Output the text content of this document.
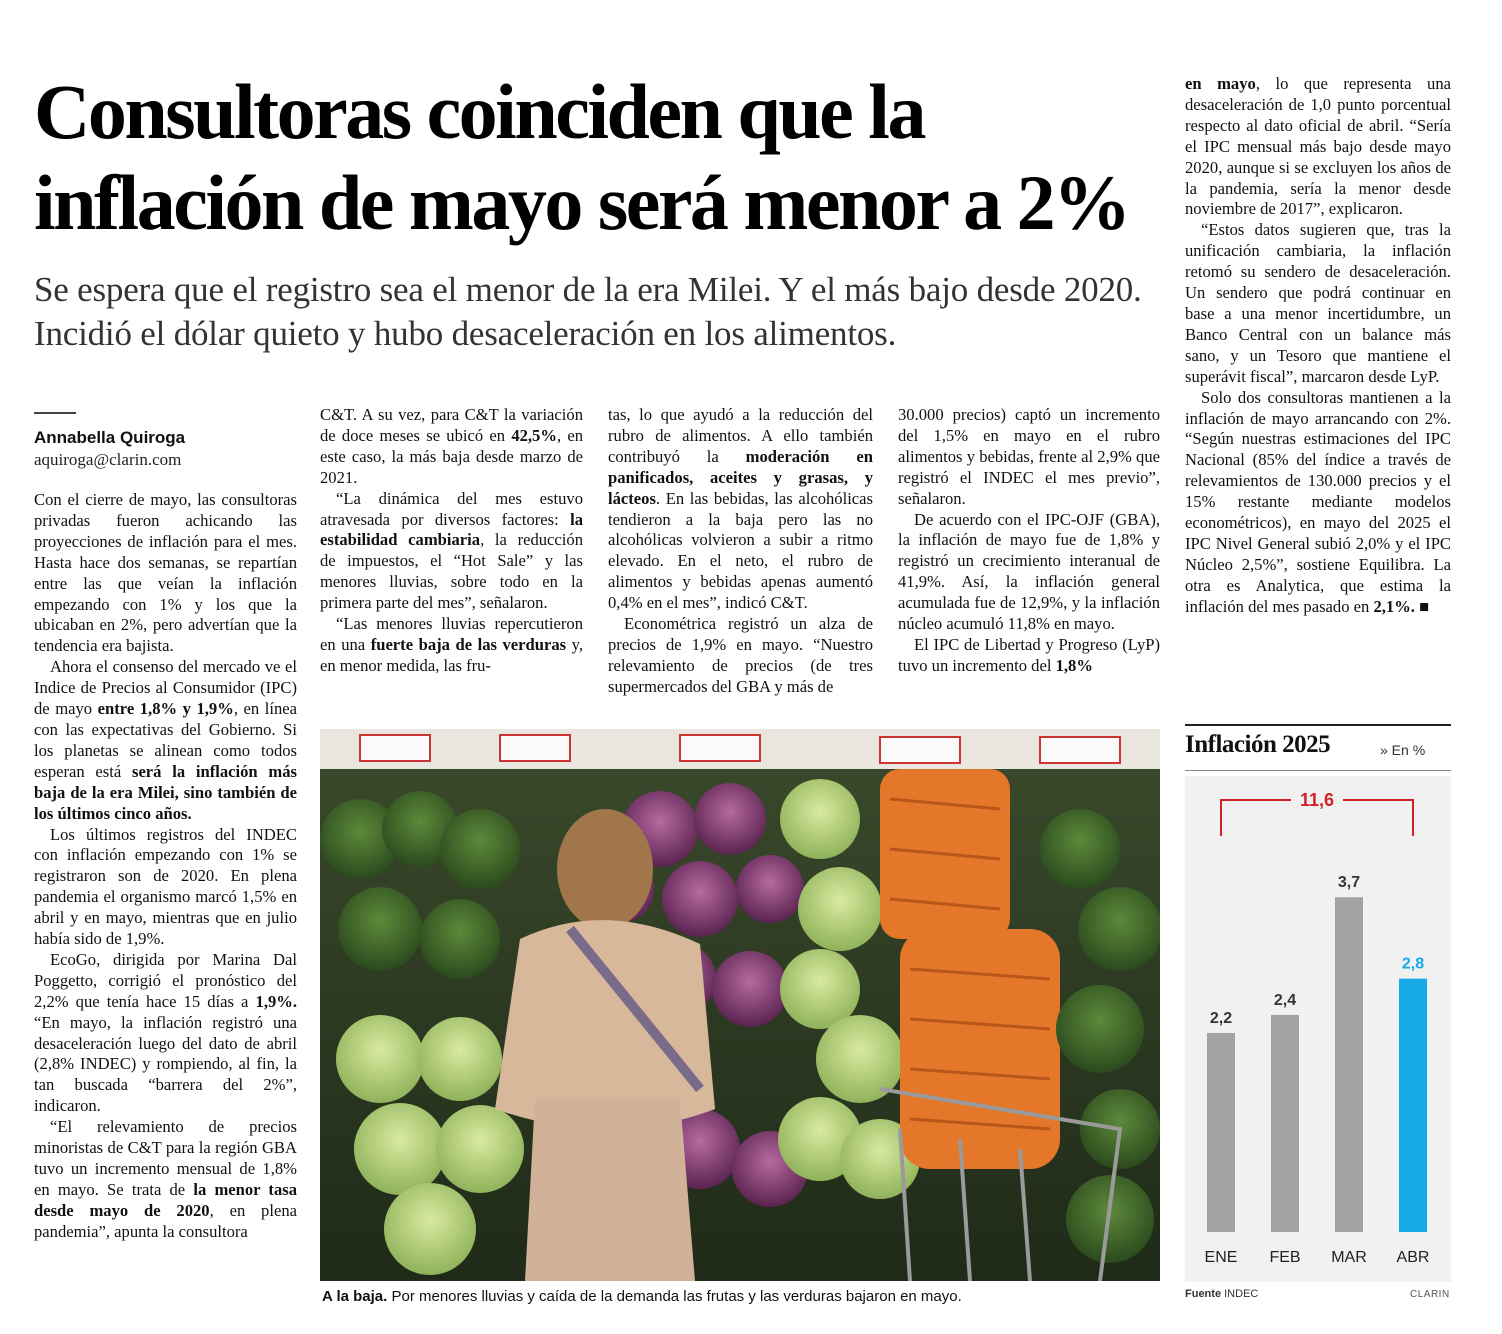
Consultoras coinciden que la inflación de mayo será menor a 2%

Se espera que el registro sea el menor de la era Milei. Y el más bajo desde 2020. Incidió el dólar quieto y hubo desaceleración en los alimentos.

Annabella Quiroga
aquiroga@clarin.com

Con el cierre de mayo, las consultoras privadas fueron achicando las proyecciones de inflación para el mes. Hasta hace dos semanas, se repartían entre las que veían la inflación empezando con 1% y los que la ubicaban en 2%, pero advertían que la tendencia era bajista.

Ahora el consenso del mercado ve el Indice de Precios al Consumidor (IPC) de mayo entre 1,8% y 1,9%, en línea con las expectativas del Gobierno. Si los planetas se alinean como todos esperan está será la inflación más baja de la era Milei, sino también de los últimos cinco años.

Los últimos registros del INDEC con inflación empezando con 1% se registraron son de 2020. En plena pandemia el organismo marcó 1,5% en abril y en mayo, mientras que en julio había sido de 1,9%.

EcoGo, dirigida por Marina Dal Poggetto, corrigió el pronóstico del 2,2% que tenía hace 15 días a 1,9%. “En mayo, la inflación registró una desaceleración luego del dato de abril (2,8% INDEC) y rompiendo, al fin, la tan buscada “barrera del 2%”, indicaron.

“El relevamiento de precios minoristas de C&T para la región GBA tuvo un incremento mensual de 1,8% en mayo. Se trata de la menor tasa desde mayo de 2020, en plena pandemia”, apunta la consultora

C&T. A su vez, para C&T la variación de doce meses se ubicó en 42,5%, en este caso, la más baja desde marzo de 2021.

“La dinámica del mes estuvo atravesada por diversos factores: la estabilidad cambiaria, la reducción de impuestos, el “Hot Sale” y las menores lluvias, sobre todo en la primera parte del mes”, señalaron.

“Las menores lluvias repercutieron en una fuerte baja de las verduras y, en menor medida, las fru-

tas, lo que ayudó a la reducción del rubro de alimentos. A ello también contribuyó la moderación en panificados, aceites y grasas, y lácteos. En las bebidas, las alcohólicas tendieron a la baja pero las no alcohólicas volvieron a subir a ritmo elevado. En el neto, el rubro de alimentos y bebidas apenas aumentó 0,4% en el mes”, indicó C&T.

Econométrica registró un alza de precios de 1,9% en mayo. “Nuestro relevamiento de precios (de tres supermercados del GBA y más de

30.000 precios) captó un incremento del 1,5% en mayo en el rubro alimentos y bebidas, frente al 2,9% que registró el INDEC el mes previo”, señalaron.

De acuerdo con el IPC-OJF (GBA), la inflación de mayo fue de 1,8% y registró un crecimiento interanual de 41,9%. Así, la inflación general acumulada fue de 12,9%, y la inflación núcleo acumuló 11,8% en mayo.

El IPC de Libertad y Progreso (LyP) tuvo un incremento del 1,8%

en mayo, lo que representa una desaceleración de 1,0 punto porcentual respecto al dato oficial de abril. “Sería el IPC mensual más bajo desde mayo 2020, aunque si se excluyen los años de la pandemia, sería la menor desde noviembre de 2017”, explicaron.

“Estos datos sugieren que, tras la unificación cambiaria, la inflación retomó su sendero de desaceleración. Un sendero que podrá continuar en base a una menor incertidumbre, un Banco Central con un balance más sano, y un Tesoro que mantiene el superávit fiscal”, marcaron desde LyP.

Solo dos consultoras mantienen a la inflación de mayo arrancando con 2%. “Según nuestras estimaciones del IPC Nacional (85% del índice a través de relevamientos de 130.000 precios y el 15% restante mediante modelos econométricos), en mayo del 2025 el IPC Nivel General subió 2,0% y el IPC Núcleo 2,5%”, sostiene Equilibra. La otra es Analytica, que estima la inflación del mes pasado en 2,1%. ■

A la baja. Por menores lluvias y caída de la demanda las frutas y las verduras bajaron en mayo.
Inflación 2025	» En %
2,2
ENE
2,4
FEB
3,7
MAR
2,8
ABR
11,6
Fuente INDEC	CLARIN
